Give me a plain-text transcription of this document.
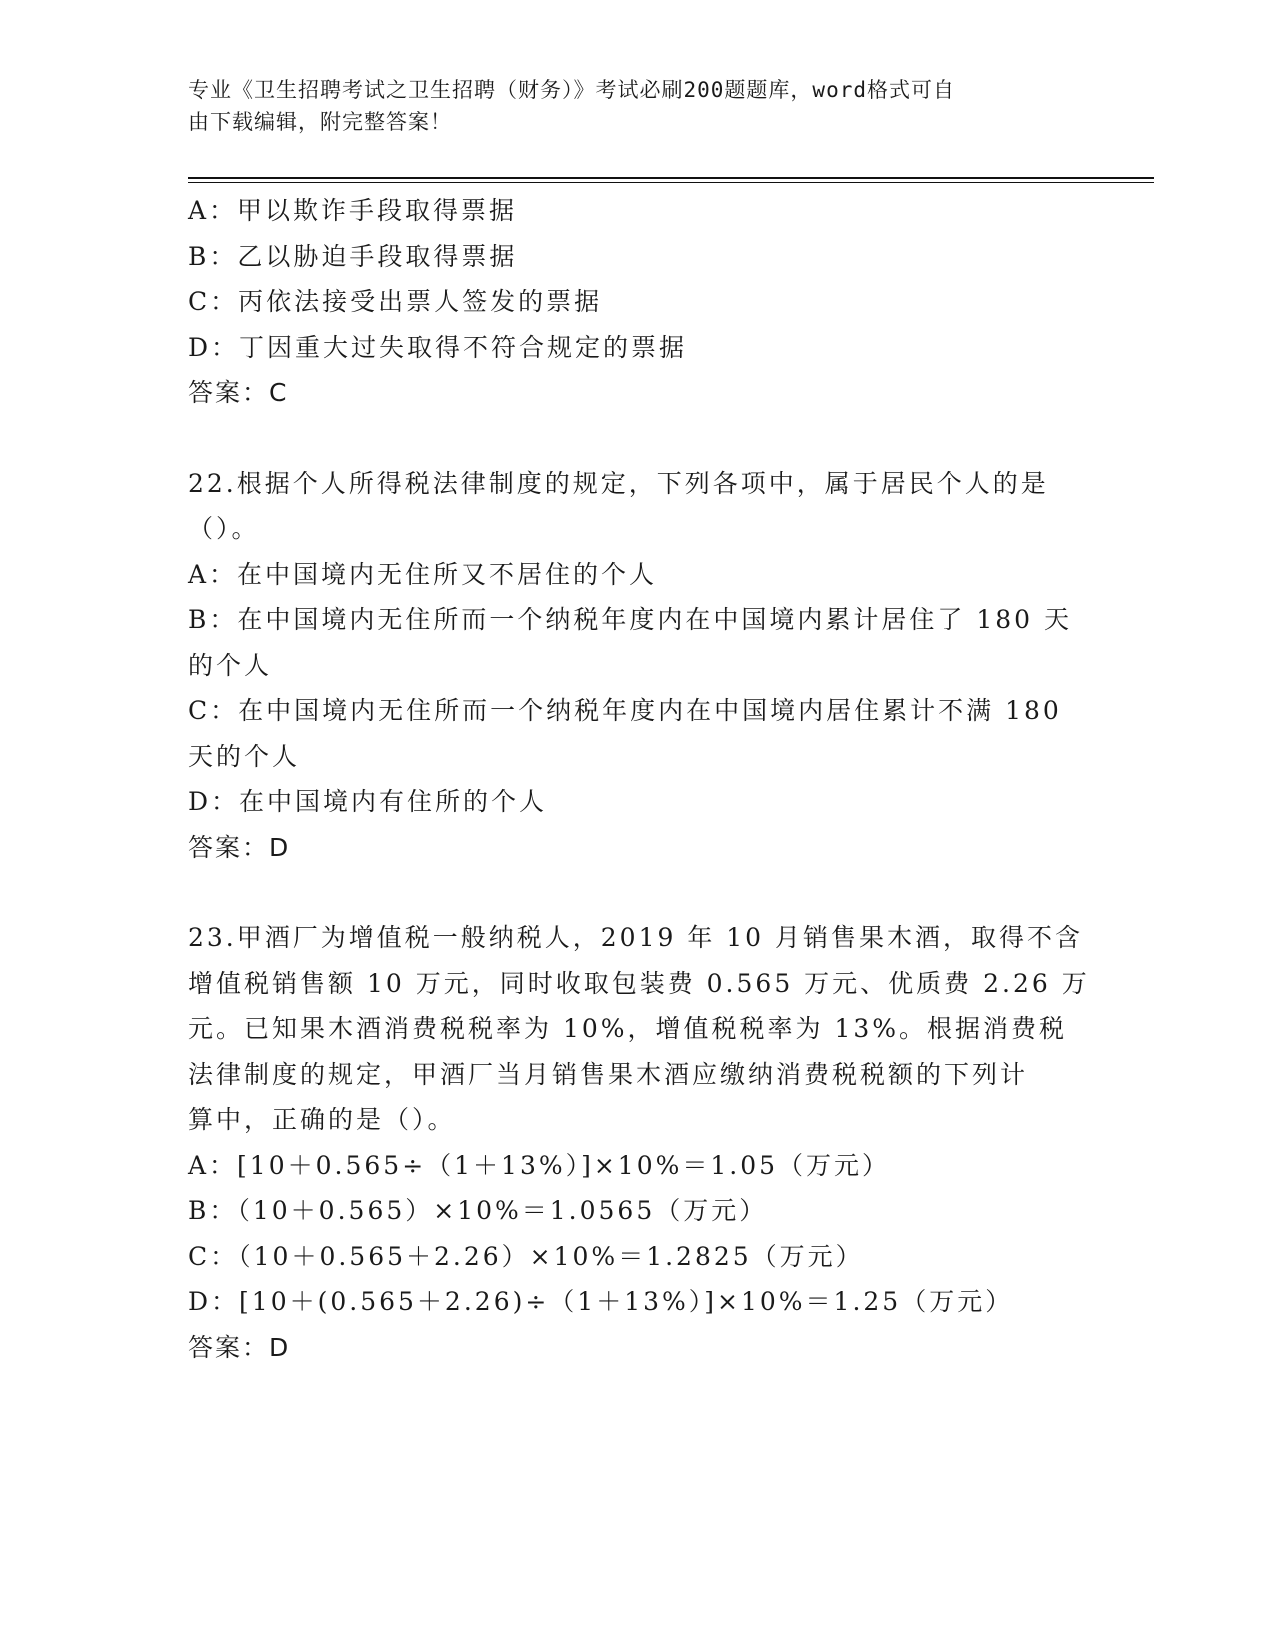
专业《卫生招聘考试之卫生招聘（财务）》考试必刷200题题库，word格式可自
由下载编辑，附完整答案！
A：甲以欺诈手段取得票据
B：乙以胁迫手段取得票据
C：丙依法接受出票人签发的票据
D：丁因重大过失取得不符合规定的票据
答案：C
22.根据个人所得税法律制度的规定，下列各项中，属于居民个人的是
（）。
A：在中国境内无住所又不居住的个人
B：在中国境内无住所而一个纳税年度内在中国境内累计居住了 180 天
的个人
C：在中国境内无住所而一个纳税年度内在中国境内居住累计不满 180
天的个人
D：在中国境内有住所的个人
答案：D
23.甲酒厂为增值税一般纳税人，2019 年 10 月销售果木酒，取得不含
增值税销售额 10 万元，同时收取包装费 0.565 万元、优质费 2.26 万
元。已知果木酒消费税税率为 10%，增值税税率为 13%。根据消费税
法律制度的规定，甲酒厂当月销售果木酒应缴纳消费税税额的下列计
算中，正确的是（）。
A：[10＋0.565÷（1＋13%）]×10%＝1.05（万元）
B：（10＋0.565）×10%＝1.0565（万元）
C：（10＋0.565＋2.26）×10%＝1.2825（万元）
D：[10＋(0.565＋2.26)÷（1＋13%）]×10%＝1.25（万元）
答案：D
